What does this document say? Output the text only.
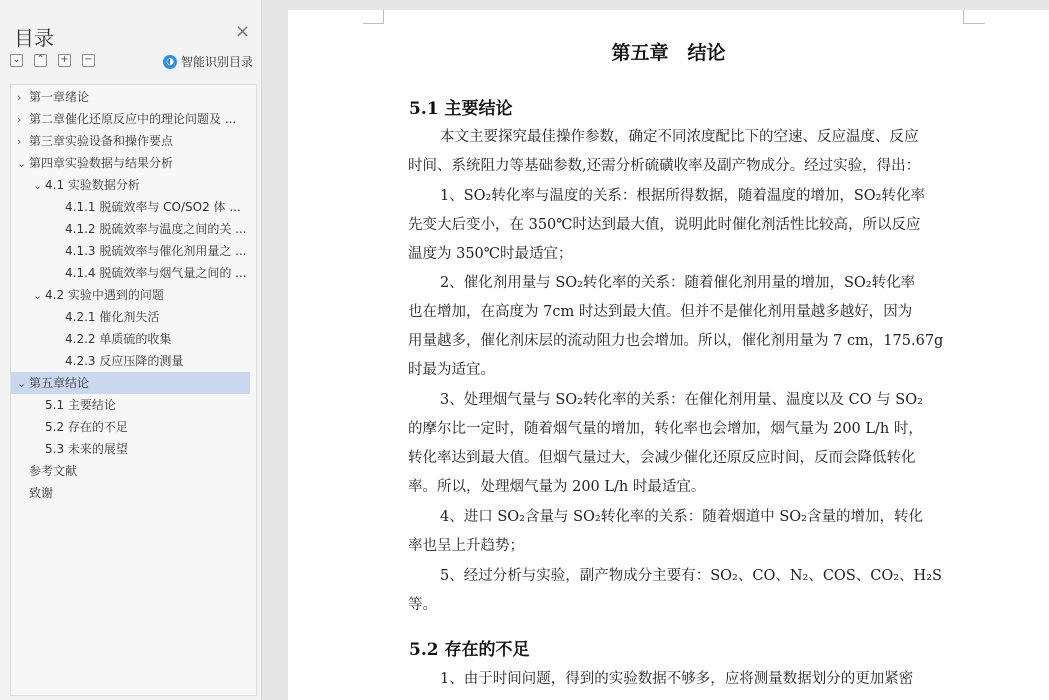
目录	×
⌄ ⌃ + −	◑ 智能识别目录
› 第一章绪论
› 第二章催化还原反应中的理论问题及 ...
› 第三章实验设备和操作要点
⌄ 第四章实验数据与结果分析
⌄ 4.1 实验数据分析
4.1.1 脱硫效率与 CO/SO2 体 ...
4.1.2 脱硫效率与温度之间的关 ...
4.1.3 脱硫效率与催化剂用量之 ...
4.1.4 脱硫效率与烟气量之间的 ...
⌄ 4.2 实验中遇到的问题
4.2.1 催化剂失活
4.2.2 单质硫的收集
4.2.3 反应压降的测量
⌄ 第五章结论
5.1 主要结论
5.2 存在的不足
5.3 未来的展望
参考文献
致谢
第五章　结论
5.1 主要结论
本文主要探究最佳操作参数，确定不同浓度配比下的空速、反应温度、反应
时间、系统阻力等基础参数,还需分析硫磺收率及副产物成分。经过实验，得出：
1、SO₂转化率与温度的关系：根据所得数据，随着温度的增加，SO₂转化率
先变大后变小，在 350℃时达到最大值，说明此时催化剂活性比较高，所以反应
温度为 350℃时最适宜；
2、催化剂用量与 SO₂转化率的关系：随着催化剂用量的增加，SO₂转化率
也在增加，在高度为 7cm 时达到最大值。但并不是催化剂用量越多越好，因为
用量越多，催化剂床层的流动阻力也会增加。所以，催化剂用量为 7 cm，175.67g
时最为适宜。
3、处理烟气量与 SO₂转化率的关系：在催化剂用量、温度以及 CO 与 SO₂
的摩尔比一定时，随着烟气量的增加，转化率也会增加，烟气量为 200 L/h 时，
转化率达到最大值。但烟气量过大，会减少催化还原反应时间，反而会降低转化
率。所以，处理烟气量为 200 L/h 时最适宜。
4、进口 SO₂含量与 SO₂转化率的关系：随着烟道中 SO₂含量的增加，转化
率也呈上升趋势；
5、经过分析与实验，副产物成分主要有：SO₂、CO、N₂、COS、CO₂、H₂S
等。
5.2 存在的不足
1、由于时间问题，得到的实验数据不够多，应将测量数据划分的更加紧密
